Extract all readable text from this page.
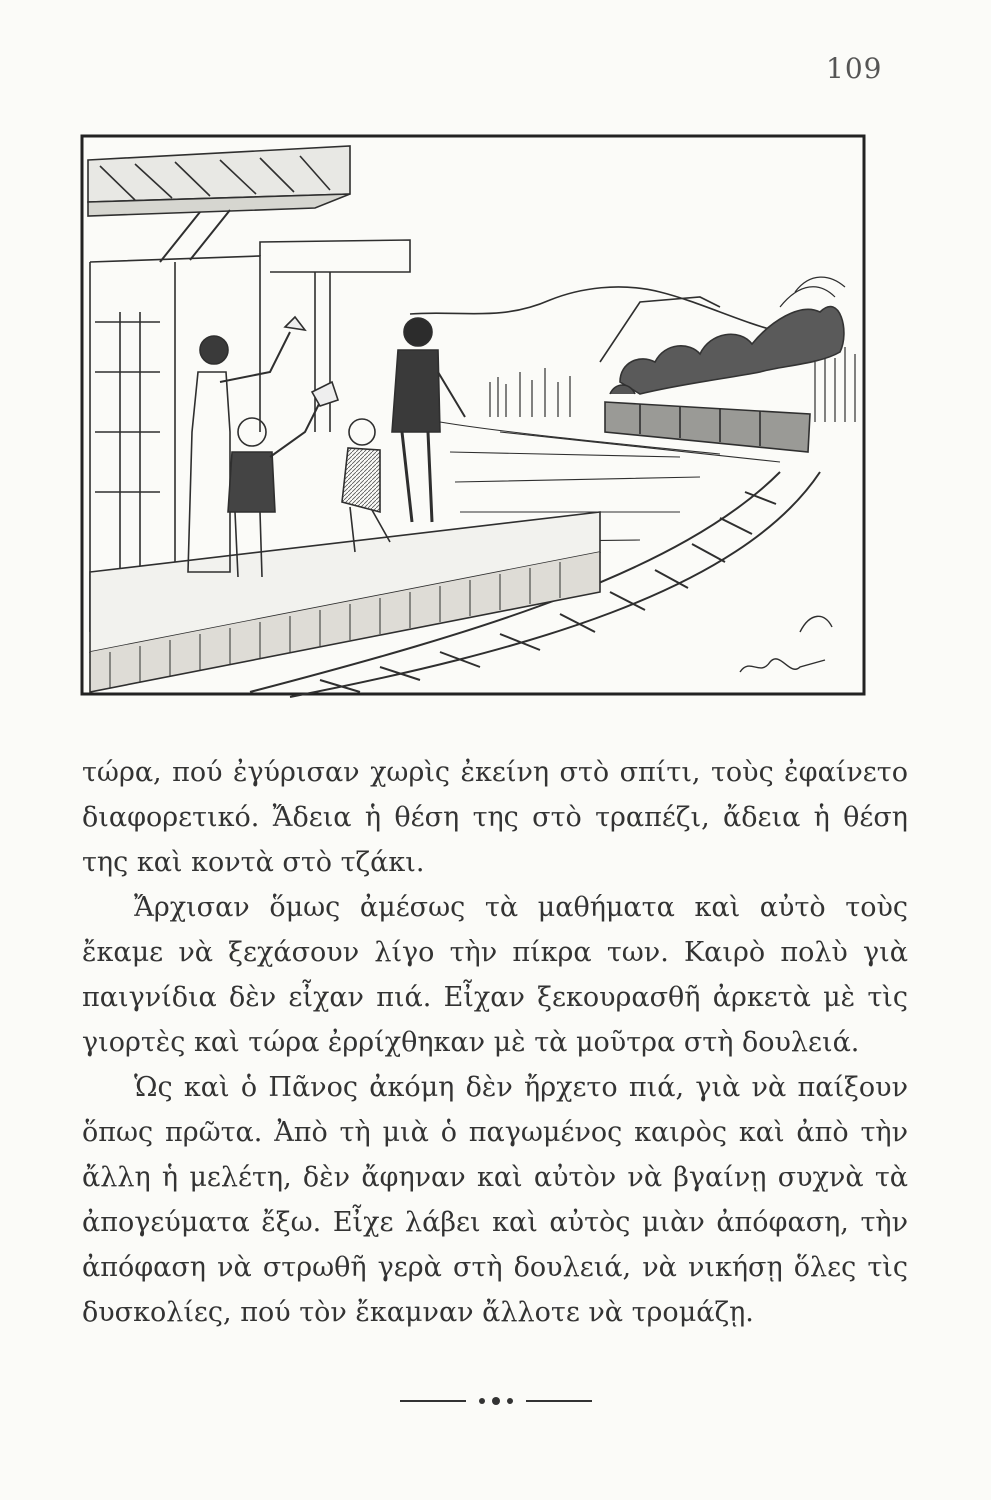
109

τώρα, πού ἐγύρισαν χωρὶς ἐκείνη στὸ σπίτι, τοὺς ἐφαίνετο διαφορετικό. Ἄδεια ἡ θέση της στὸ τραπέζι, ἄδεια ἡ θέση της καὶ κοντὰ στὸ τζάκι.

Ἄρχισαν ὅμως ἀμέσως τὰ μαθήματα καὶ αὐτὸ τοὺς ἔκαμε νὰ ξεχάσουν λίγο τὴν πίκρα των. Καιρὸ πολὺ γιὰ παιγνίδια δὲν εἶχαν πιά. Εἶχαν ξεκουρασθῆ ἀρκετὰ μὲ τὶς γιορτὲς καὶ τώρα ἐρρίχθηκαν μὲ τὰ μοῦτρα στὴ δουλειά.

Ὡς καὶ ὁ Πᾶνος ἀκόμη δὲν ἤρχετο πιά, γιὰ νὰ παίξουν ὅπως πρῶτα. Ἀπὸ τὴ μιὰ ὁ παγωμένος καιρὸς καὶ ἀπὸ τὴν ἄλλη ἡ μελέτη, δὲν ἄφηναν καὶ αὐτὸν νὰ βγαίνῃ συχνὰ τὰ ἀπογεύματα ἔξω. Εἶχε λάβει καὶ αὐτὸς μιὰν ἀπόφαση, τὴν ἀπόφαση νὰ στρωθῆ γερὰ στὴ δουλειά, νὰ νικήσῃ ὅλες τὶς δυσκολίες, πού τὸν ἔκαμναν ἄλλοτε νὰ τρομάζῃ.
